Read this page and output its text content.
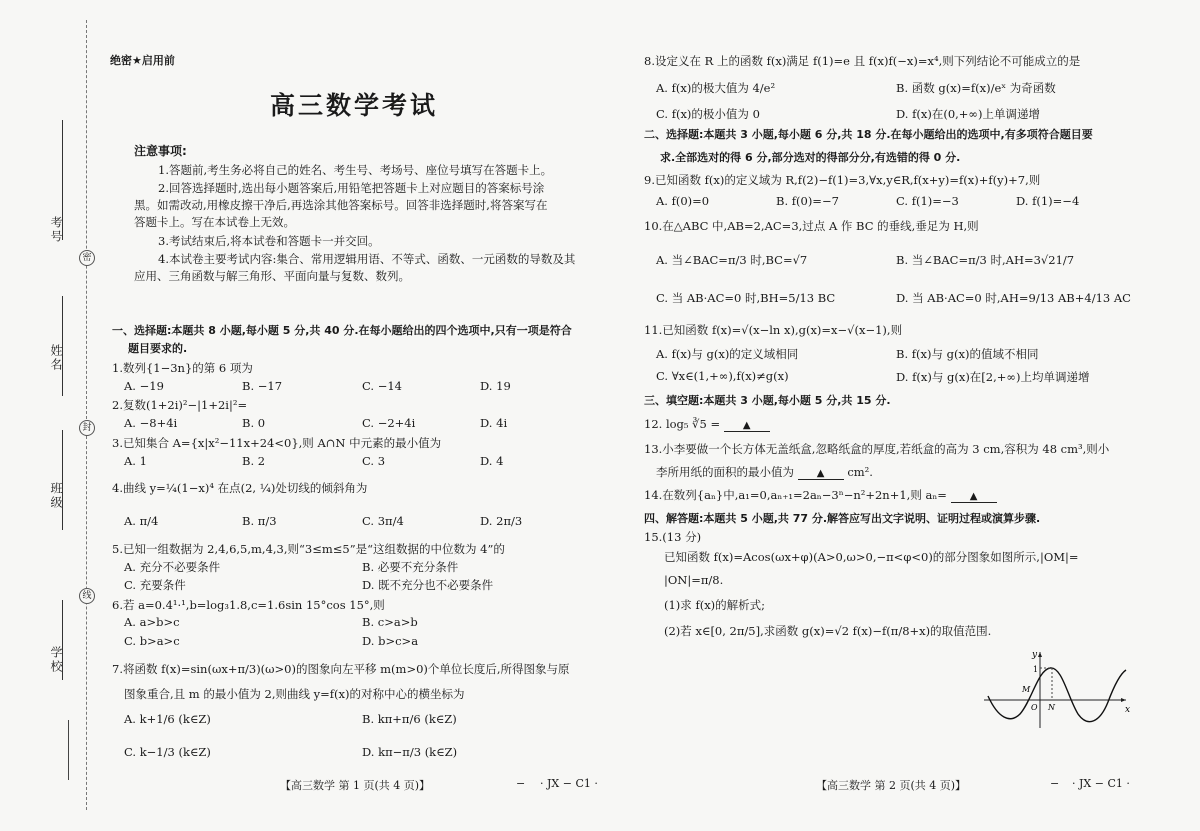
考号
姓名
班级
学校
密
封
线
绝密★启用前
高三数学考试
注意事项:
1.答题前,考生务必将自己的姓名、考生号、考场号、座位号填写在答题卡上。
2.回答选择题时,选出每小题答案后,用铅笔把答题卡上对应题目的答案标号涂
黑。如需改动,用橡皮擦干净后,再选涂其他答案标号。回答非选择题时,将答案写在
答题卡上。写在本试卷上无效。
3.考试结束后,将本试卷和答题卡一并交回。
4.本试卷主要考试内容:集合、常用逻辑用语、不等式、函数、一元函数的导数及其
应用、三角函数与解三角形、平面向量与复数、数列。
一、选择题:本题共 8 小题,每小题 5 分,共 40 分.在每小题给出的四个选项中,只有一项是符合
题目要求的.
1.数列{1−3n}的第 6 项为
A. −19	B. −17	C. −14	D. 19
2.复数(1+2i)²−|1+2i|²=
A. −8+4i	B. 0	C. −2+4i	D. 4i
3.已知集合 A={x|x²−11x+24<0},则 A∩N 中元素的最小值为
A. 1	B. 2	C. 3	D. 4
4.曲线 y=¼(1−x)⁴ 在点(2, ¼)处切线的倾斜角为
A. π/4	B. π/3	C. 3π/4	D. 2π/3
5.已知一组数据为 2,4,6,5,m,4,3,则“3≤m≤5”是“这组数据的中位数为 4”的
A. 充分不必要条件	B. 必要不充分条件
C. 充要条件	D. 既不充分也不必要条件
6.若 a=0.4¹·¹,b=log₃1.8,c=1.6sin 15°cos 15°,则
A. a>b>c	B. c>a>b
C. b>a>c	D. b>c>a
7.将函数 f(x)=sin(ωx+π/3)(ω>0)的图象向左平移 m(m>0)个单位长度后,所得图象与原
图象重合,且 m 的最小值为 2,则曲线 y=f(x)的对称中心的横坐标为
A. k+1/6 (k∈Z)	B. kπ+π/6 (k∈Z)
C. k−1/3 (k∈Z)	D. kπ−π/3 (k∈Z)
【高三数学 第 1 页(共 4 页)】	− · JX − C1 ·
8.设定义在 R 上的函数 f(x)满足 f(1)=e 且 f(x)f(−x)=x⁴,则下列结论不可能成立的是
A. f(x)的极大值为 4/e²	B. 函数 g(x)=f(x)/eˣ 为奇函数
C. f(x)的极小值为 0	D. f(x)在(0,+∞)上单调递增
二、选择题:本题共 3 小题,每小题 6 分,共 18 分.在每小题给出的选项中,有多项符合题目要
求.全部选对的得 6 分,部分选对的得部分分,有选错的得 0 分.
9.已知函数 f(x)的定义域为 R,f(2)−f(1)=3,∀x,y∈R,f(x+y)=f(x)+f(y)+7,则
A. f(0)=0	B. f(0)=−7	C. f(1)=−3	D. f(1)=−4
10.在△ABC 中,AB=2,AC=3,过点 A 作 BC 的垂线,垂足为 H,则
A. 当∠BAC=π/3 时,BC=√7	B. 当∠BAC=π/3 时,AH=3√21/7
C. 当 AB·AC=0 时,BH=5/13 BC	D. 当 AB·AC=0 时,AH=9/13 AB+4/13 AC
11.已知函数 f(x)=√(x−ln x),g(x)=x−√(x−1),则
A. f(x)与 g(x)的定义域相同	B. f(x)与 g(x)的值域不相同
C. ∀x∈(1,+∞),f(x)≠g(x)	D. f(x)与 g(x)在[2,+∞)上均单调递增
三、填空题:本题共 3 小题,每小题 5 分,共 15 分.
12. log₅ ∛5 = ▲
13.小李要做一个长方体无盖纸盒,忽略纸盒的厚度,若纸盒的高为 3 cm,容积为 48 cm³,则小
李所用纸的面积的最小值为 ▲ cm².
14.在数列{aₙ}中,a₁=0,aₙ₊₁=2aₙ−3ⁿ−n²+2n+1,则 aₙ= ▲
四、解答题:本题共 5 小题,共 77 分.解答应写出文字说明、证明过程或演算步骤.
15.(13 分)
已知函数 f(x)=Acos(ωx+φ)(A>0,ω>0,−π<φ<0)的部分图象如图所示,|OM|=
|ON|=π/8.
(1)求 f(x)的解析式;
(2)若 x∈[0, 2π/5],求函数 g(x)=√2 f(x)−f(π/8+x)的取值范围.
【高三数学 第 2 页(共 4 页)】	− · JX − C1 ·
y
x
1
M
O N
